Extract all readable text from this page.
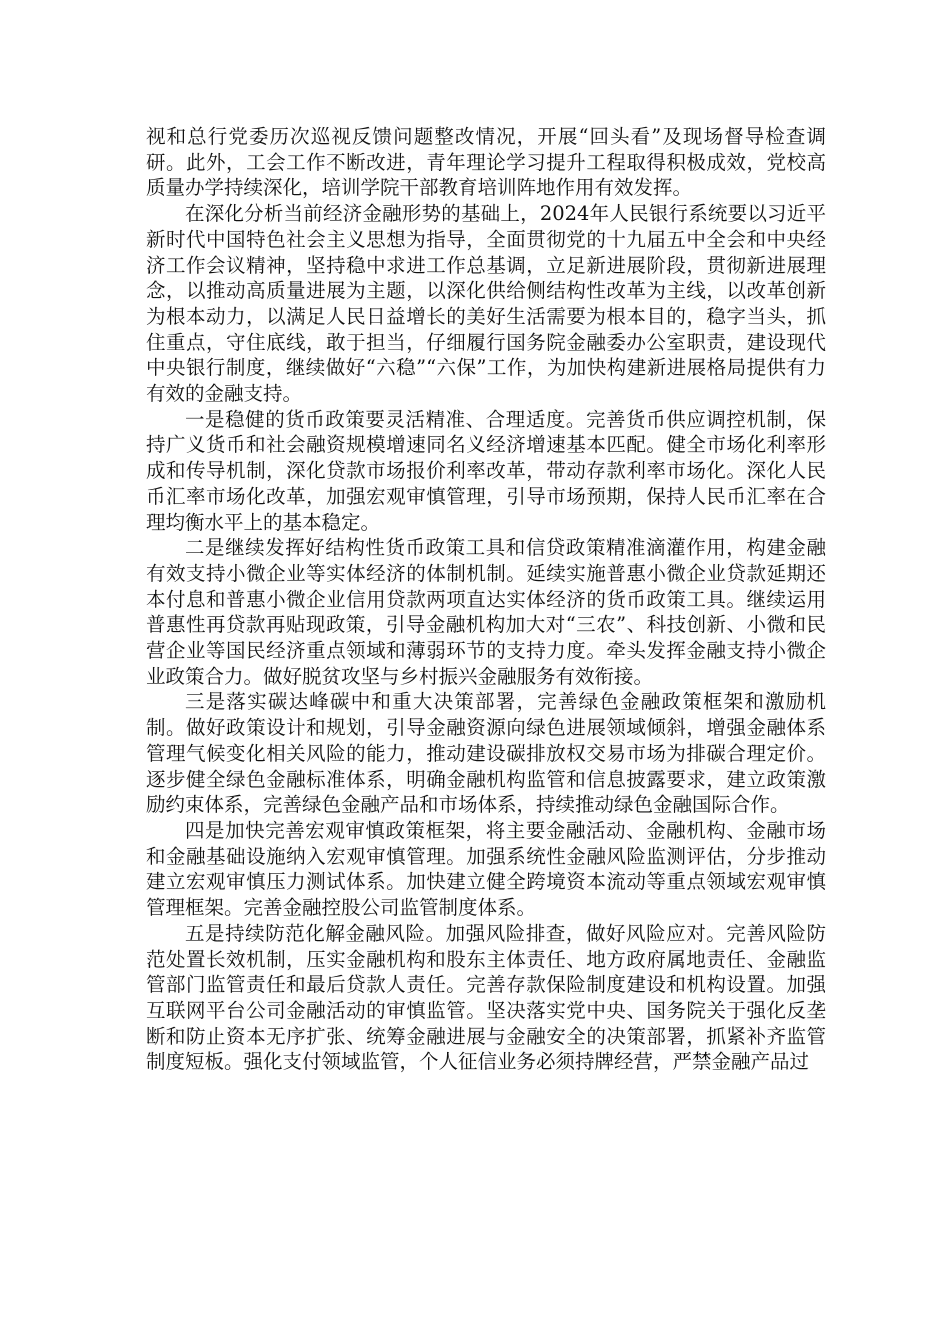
视和总行党委历次巡视反馈问题整改情况，开展“回头看”及现场督导检查调研。此外，工会工作不断改进，青年理论学习提升工程取得积极成效，党校高质量办学持续深化，培训学院干部教育培训阵地作用有效发挥。

在深化分析当前经济金融形势的基础上，2024年人民银行系统要以习近平新时代中国特色社会主义思想为指导，全面贯彻党的十九届五中全会和中央经济工作会议精神，坚持稳中求进工作总基调，立足新进展阶段，贯彻新进展理念，以推动高质量进展为主题，以深化供给侧结构性改革为主线，以改革创新为根本动力，以满足人民日益增长的美好生活需要为根本目的，稳字当头，抓住重点，守住底线，敢于担当，仔细履行国务院金融委办公室职责，建设现代中央银行制度，继续做好“六稳”“六保”工作，为加快构建新进展格局提供有力有效的金融支持。

一是稳健的货币政策要灵活精准、合理适度。完善货币供应调控机制，保持广义货币和社会融资规模增速同名义经济增速基本匹配。健全市场化利率形成和传导机制，深化贷款市场报价利率改革，带动存款利率市场化。深化人民币汇率市场化改革，加强宏观审慎管理，引导市场预期，保持人民币汇率在合理均衡水平上的基本稳定。

二是继续发挥好结构性货币政策工具和信贷政策精准滴灌作用，构建金融有效支持小微企业等实体经济的体制机制。延续实施普惠小微企业贷款延期还本付息和普惠小微企业信用贷款两项直达实体经济的货币政策工具。继续运用普惠性再贷款再贴现政策，引导金融机构加大对“三农”、科技创新、小微和民营企业等国民经济重点领域和薄弱环节的支持力度。牵头发挥金融支持小微企业政策合力。做好脱贫攻坚与乡村振兴金融服务有效衔接。

三是落实碳达峰碳中和重大决策部署，完善绿色金融政策框架和激励机制。做好政策设计和规划，引导金融资源向绿色进展领域倾斜，增强金融体系管理气候变化相关风险的能力，推动建设碳排放权交易市场为排碳合理定价。逐步健全绿色金融标准体系，明确金融机构监管和信息披露要求，建立政策激励约束体系，完善绿色金融产品和市场体系，持续推动绿色金融国际合作。

四是加快完善宏观审慎政策框架，将主要金融活动、金融机构、金融市场和金融基础设施纳入宏观审慎管理。加强系统性金融风险监测评估，分步推动建立宏观审慎压力测试体系。加快建立健全跨境资本流动等重点领域宏观审慎管理框架。完善金融控股公司监管制度体系。

五是持续防范化解金融风险。加强风险排查，做好风险应对。完善风险防范处置长效机制，压实金融机构和股东主体责任、地方政府属地责任、金融监管部门监管责任和最后贷款人责任。完善存款保险制度建设和机构设置。加强互联网平台公司金融活动的审慎监管。坚决落实党中央、国务院关于强化反垄断和防止资本无序扩张、统筹金融进展与金融安全的决策部署，抓紧补齐监管制度短板。强化支付领域监管，个人征信业务必须持牌经营，严禁金融产品过
